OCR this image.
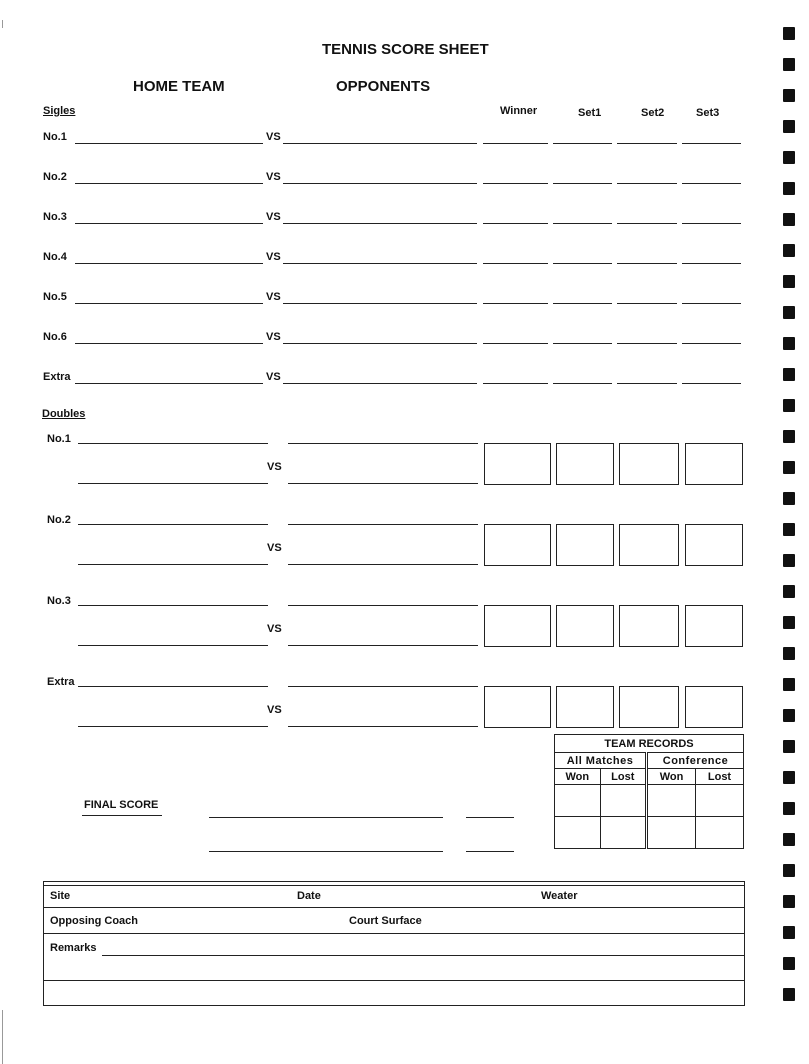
TENNIS SCORE SHEET
HOME TEAM	OPPONENTS
Sigles	Winner	Set1	Set2	Set3
No.1	VS
No.2	VS
No.3	VS
No.4	VS
No.5	VS
No.6	VS
Extra	VS
Doubles
No.1
VS
No.2
VS
No.3
VS
Extra
VS
TEAM RECORDS			
All Matches		Conference	
Won	Lost	Won	Lost

FINAL SCORE
Site	Date	Weater
Opposing Coach	Court Surface
Remarks
